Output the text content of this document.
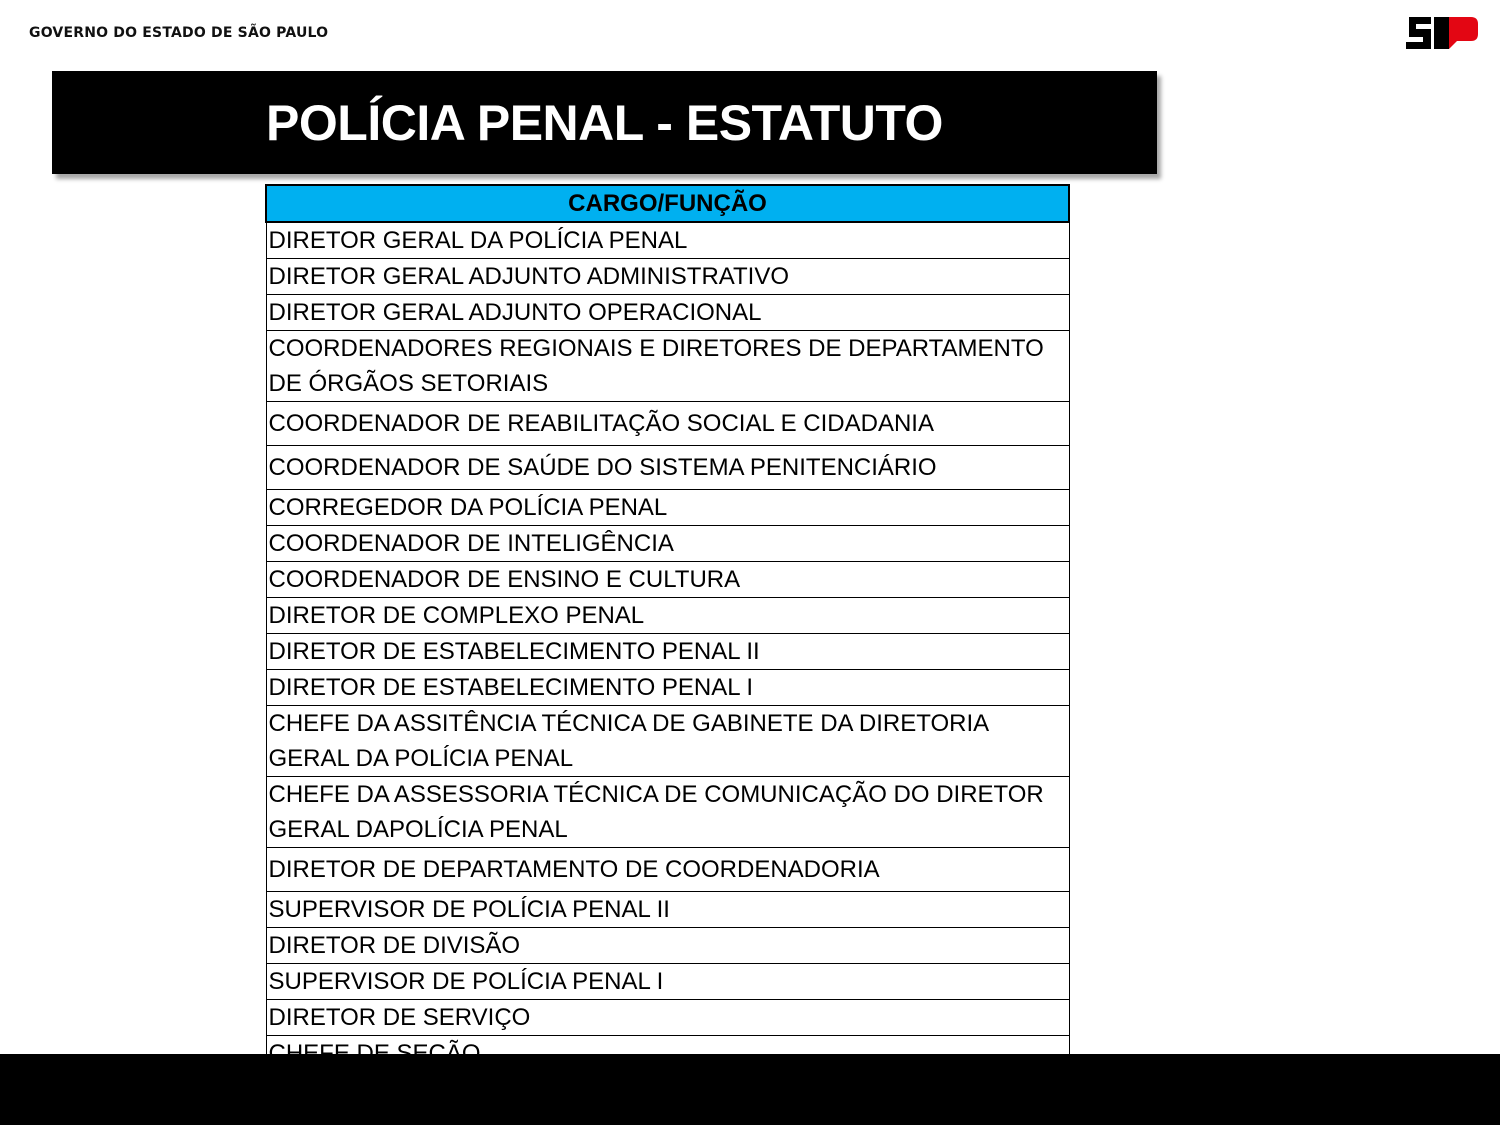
GOVERNO DO ESTADO DE SÃO PAULO
POLÍCIA PENAL - ESTATUTO
CARGO/FUNÇÃO
DIRETOR GERAL DA POLÍCIA PENAL
DIRETOR GERAL ADJUNTO ADMINISTRATIVO
DIRETOR GERAL ADJUNTO OPERACIONAL
COORDENADORES REGIONAIS E DIRETORES DE DEPARTAMENTO DE ÓRGÃOS SETORIAIS
COORDENADOR DE REABILITAÇÃO SOCIAL E CIDADANIA
COORDENADOR DE SAÚDE DO SISTEMA PENITENCIÁRIO
CORREGEDOR DA POLÍCIA PENAL
COORDENADOR DE INTELIGÊNCIA
COORDENADOR DE ENSINO E CULTURA
DIRETOR DE COMPLEXO PENAL
DIRETOR DE ESTABELECIMENTO PENAL II
DIRETOR DE ESTABELECIMENTO PENAL I
CHEFE DA ASSITÊNCIA TÉCNICA DE GABINETE DA DIRETORIA GERAL DA POLÍCIA PENAL
CHEFE DA ASSESSORIA TÉCNICA DE COMUNICAÇÃO DO DIRETOR GERAL DAPOLÍCIA PENAL
DIRETOR DE DEPARTAMENTO DE COORDENADORIA
SUPERVISOR DE POLÍCIA PENAL II
DIRETOR DE DIVISÃO
SUPERVISOR DE POLÍCIA PENAL I
DIRETOR DE SERVIÇO
